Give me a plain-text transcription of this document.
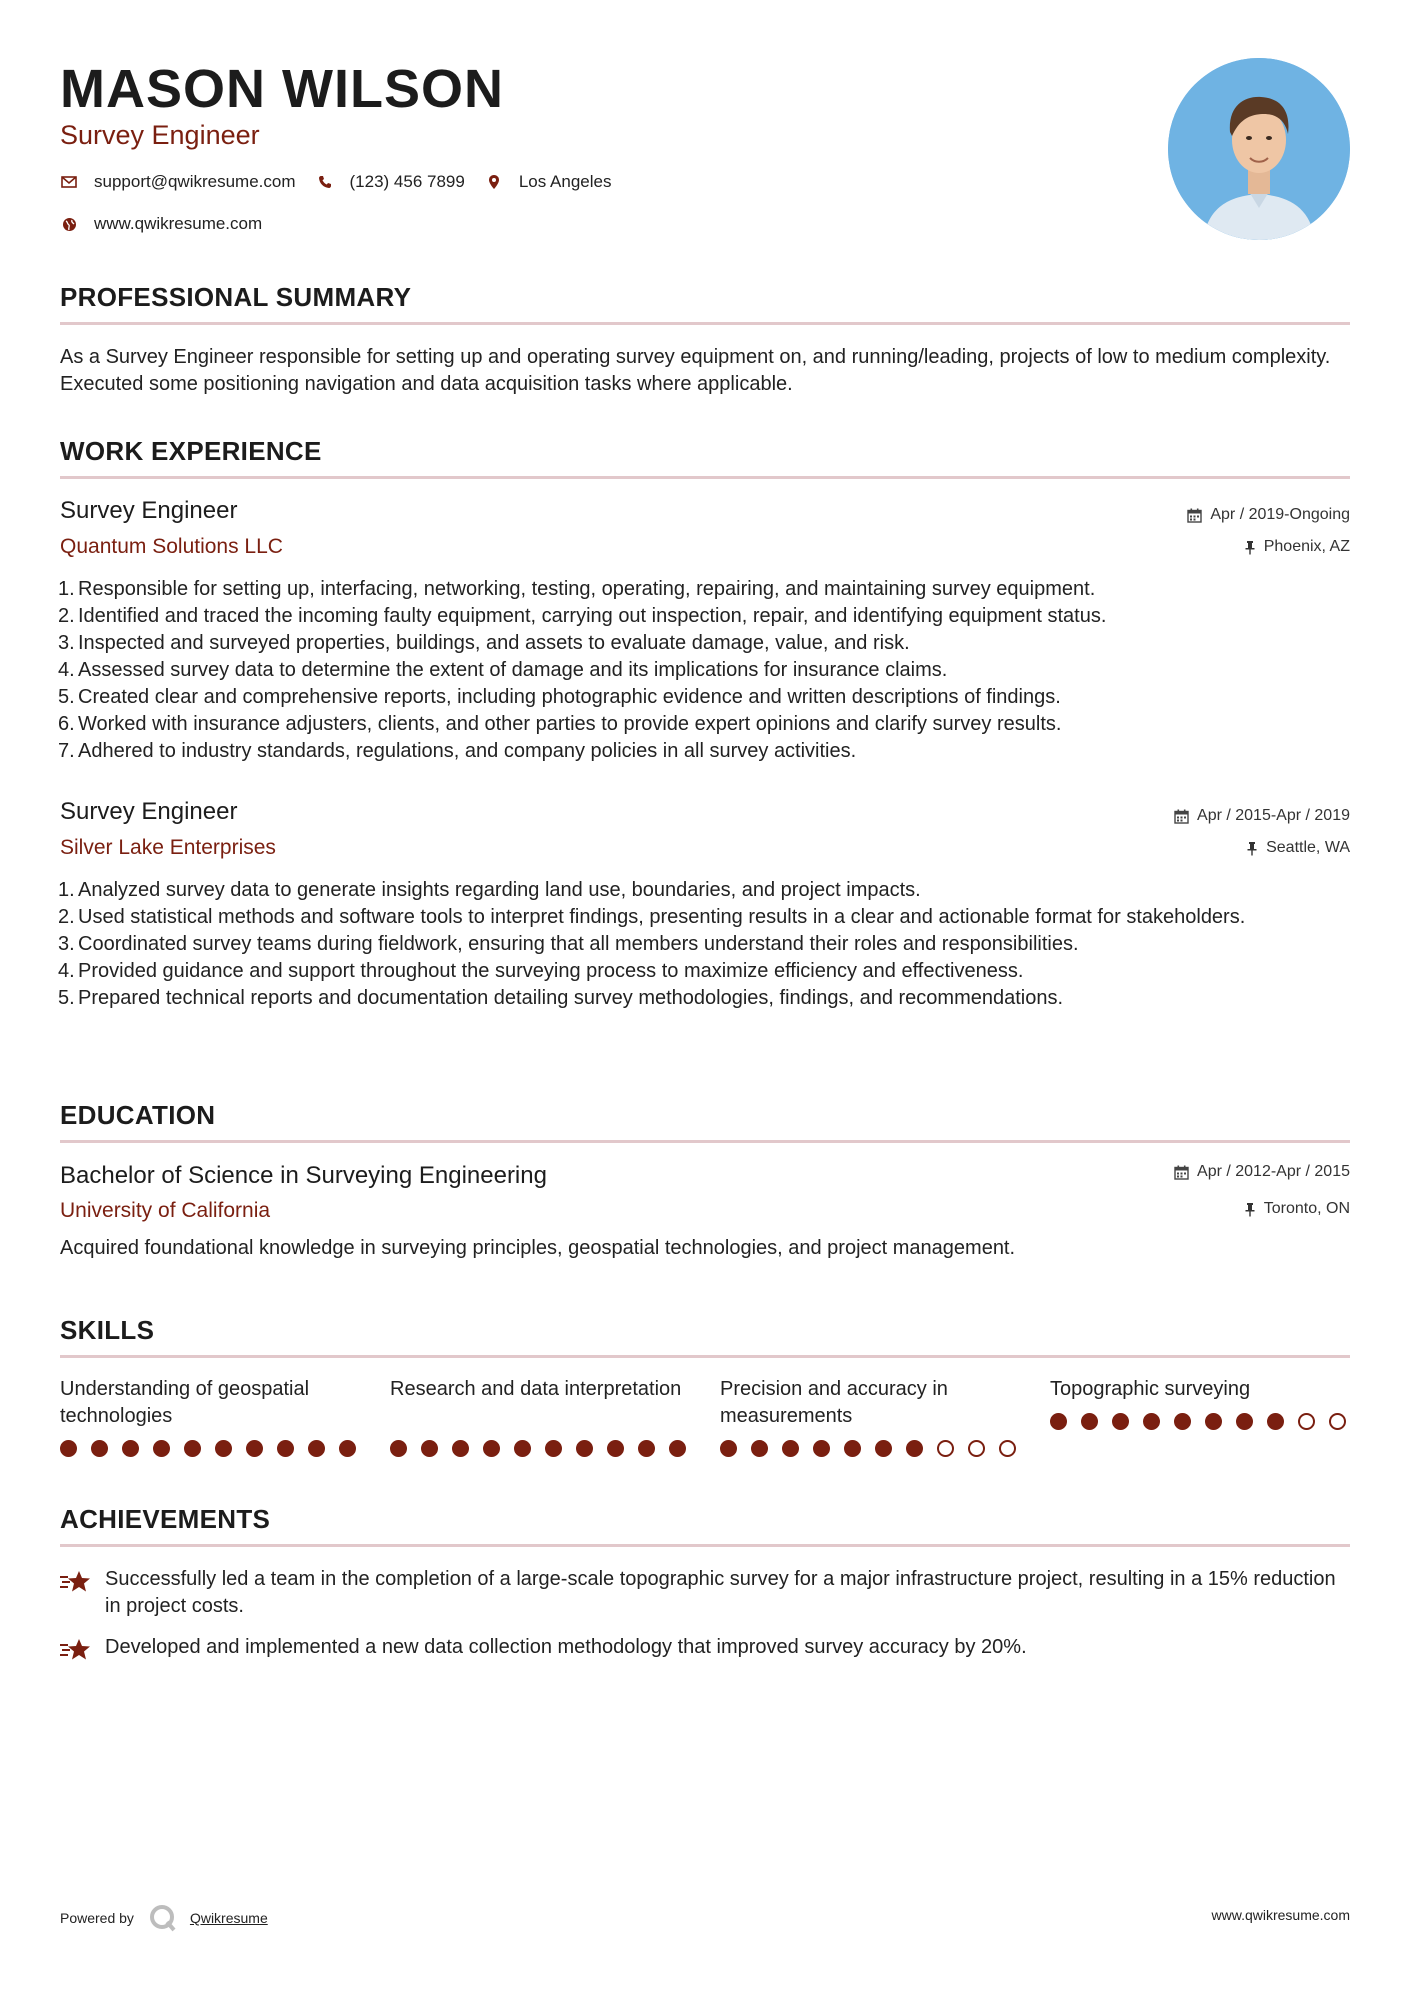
MASON WILSON
Survey Engineer
support@qwikresume.com	(123) 456 7899	Los Angeles
www.qwikresume.com
PROFESSIONAL SUMMARY
As a Survey Engineer responsible for setting up and operating survey equipment on, and running/leading, projects of low to medium complexity. Executed some positioning navigation and data acquisition tasks where applicable.
WORK EXPERIENCE
Survey Engineer	Apr / 2019-Ongoing
Quantum Solutions LLC	Phoenix, AZ
1. Responsible for setting up, interfacing, networking, testing, operating, repairing, and maintaining survey equipment.
2. Identified and traced the incoming faulty equipment, carrying out inspection, repair, and identifying equipment status.
3. Inspected and surveyed properties, buildings, and assets to evaluate damage, value, and risk.
4. Assessed survey data to determine the extent of damage and its implications for insurance claims.
5. Created clear and comprehensive reports, including photographic evidence and written descriptions of findings.
6. Worked with insurance adjusters, clients, and other parties to provide expert opinions and clarify survey results.
7. Adhered to industry standards, regulations, and company policies in all survey activities.
Survey Engineer	Apr / 2015-Apr / 2019
Silver Lake Enterprises	Seattle, WA
1. Analyzed survey data to generate insights regarding land use, boundaries, and project impacts.
2. Used statistical methods and software tools to interpret findings, presenting results in a clear and actionable format for stakeholders.
3. Coordinated survey teams during fieldwork, ensuring that all members understand their roles and responsibilities.
4. Provided guidance and support throughout the surveying process to maximize efficiency and effectiveness.
5. Prepared technical reports and documentation detailing survey methodologies, findings, and recommendations.
EDUCATION
Bachelor of Science in Surveying Engineering	Apr / 2012-Apr / 2015
University of California	Toronto, ON
Acquired foundational knowledge in surveying principles, geospatial technologies, and project management.
SKILLS
Understanding of geospatial technologies
Research and data interpretation	Precision and accuracy in measurements
Topographic surveying
ACHIEVEMENTS
Successfully led a team in the completion of a large-scale topographic survey for a major infrastructure project, resulting in a 15% reduction in project costs.
Developed and implemented a new data collection methodology that improved survey accuracy by 20%.
Powered by	Qwikresume	www.qwikresume.com
